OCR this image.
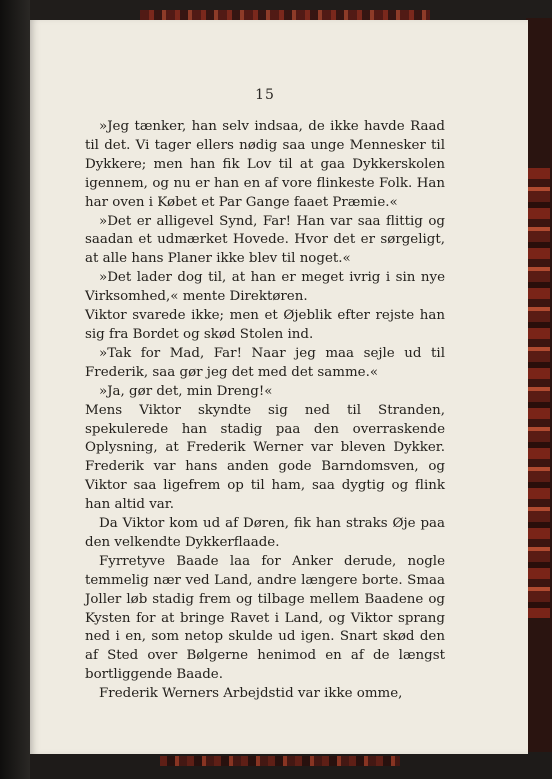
15

»Jeg tænker, han selv indsaa, de ikke havde Raad til det. Vi tager ellers nødig saa unge Mennesker til Dykkere; men han fik Lov til at gaa Dykkerskolen igennem, og nu er han en af vore flinkeste Folk. Han har oven i Købet et Par Gange faaet Præmie.«

»Det er alligevel Synd, Far! Han var saa flittig og saadan et udmærket Hovede. Hvor det er sørgeligt, at alle hans Planer ikke blev til noget.«

»Det lader dog til, at han er meget ivrig i sin nye Virksomhed,« mente Direktøren.

Viktor svarede ikke; men et Øjeblik efter rejste han sig fra Bordet og skød Stolen ind.

»Tak for Mad, Far! Naar jeg maa sejle ud til Frederik, saa gør jeg det med det samme.«

»Ja, gør det, min Dreng!«

Mens Viktor skyndte sig ned til Stranden, spekulerede han stadig paa den overraskende Oplysning, at Frederik Werner var bleven Dykker. Frederik var hans anden gode Barndomsven, og Viktor saa ligefrem op til ham, saa dygtig og flink han altid var.

Da Viktor kom ud af Døren, fik han straks Øje paa den velkendte Dykkerflaade.

Fyrretyve Baade laa for Anker derude, nogle temmelig nær ved Land, andre længere borte. Smaa Joller løb stadig frem og tilbage mellem Baadene og Kysten for at bringe Ravet i Land, og Viktor sprang ned i en, som netop skulde ud igen. Snart skød den af Sted over Bølgerne henimod en af de længst bortliggende Baade.

Frederik Werners Arbejdstid var ikke omme,
